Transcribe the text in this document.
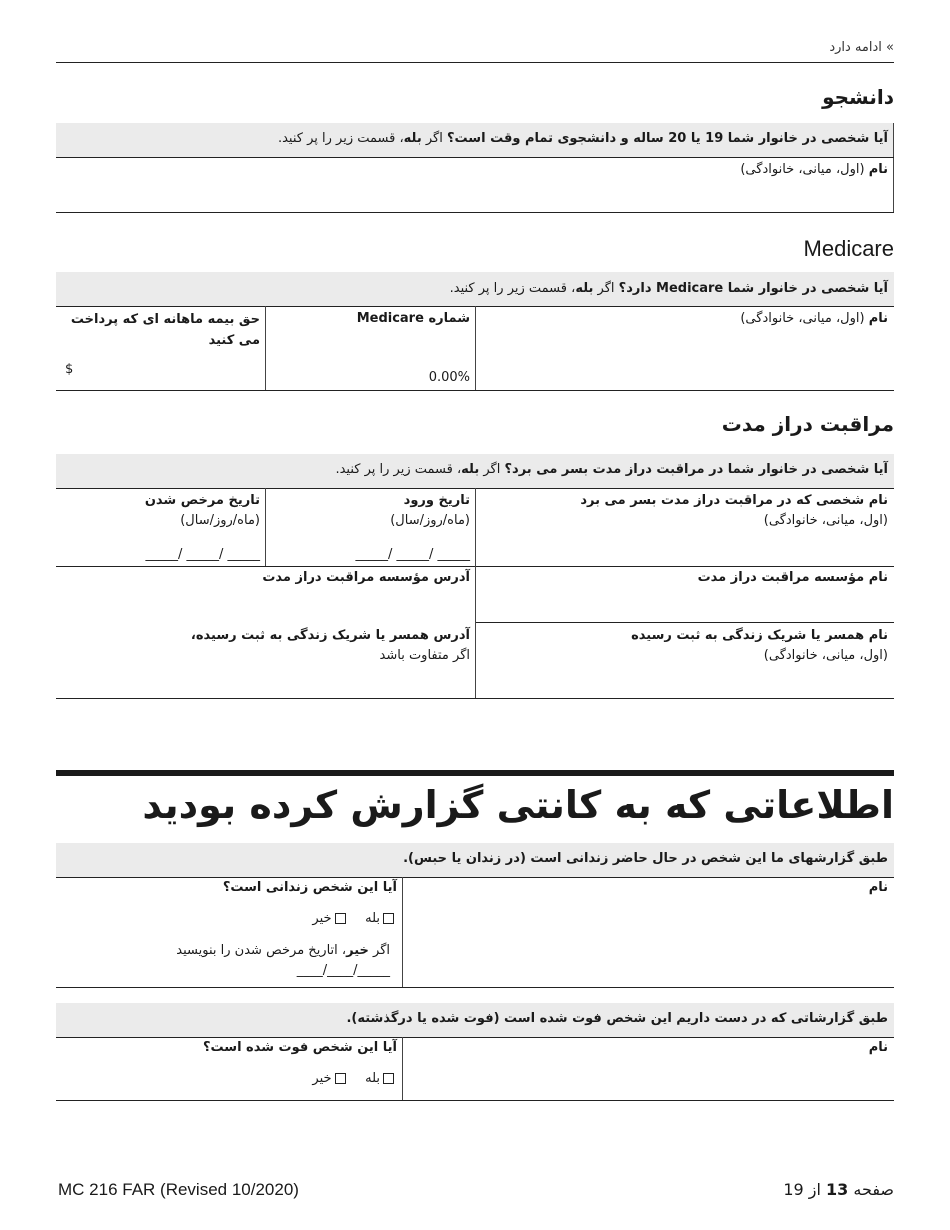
» ادامه دارد
دانشجو
آیا شخصی در خانوار شما 19 یا 20 ساله و دانشجوی تمام وقت است؟ اگر بله، قسمت زیر را پر کنید.
نام (اول، میانی، خانوادگی)
Medicare
آیا شخصی در خانوار شما Medicare دارد؟ اگر بله، قسمت زیر را پر کنید.
نام (اول، میانی، خانوادگی)
شماره Medicare
0.00%
حق بیمه ماهانه ای که پرداخت می کنید
$
مراقبت دراز مدت
آیا شخصی در خانوار شما در مراقبت دراز مدت بسر می برد؟ اگر بله، قسمت زیر را پر کنید.
نام شخصی که در مراقبت دراز مدت بسر می برد
(اول، میانی، خانوادگی)
تاریخ ورود
(ماه/روز/سال)
_____ /_____ /_____
تاریخ مرخص شدن
(ماه/روز/سال)
_____ /_____ /_____
نام مؤسسه مراقبت دراز مدت
آدرس مؤسسه مراقبت دراز مدت
نام همسر یا شریک زندگی به ثبت رسیده
(اول، میانی، خانوادگی)
آدرس همسر یا شریک زندگی به ثبت رسیده،
اگر متفاوت باشد
اطلاعاتی که به کانتی گزارش کرده بودید
طبق گزارشهای ما این شخص در حال حاضر زندانی است (در زندان یا حبس).
نام
آیا این شخص زندانی است؟
بله    خیر
اگر خیر، اتاریخ مرخص شدن را بنویسید
_____/____/____
طبق گزارشاتی که در دست داریم این شخص فوت شده است (فوت شده یا درگذشته).
نام
آیا این شخص فوت شده است؟
بله    خیر
MC 216 FAR (Revised 10/2020)	صفحه 13 از 19
